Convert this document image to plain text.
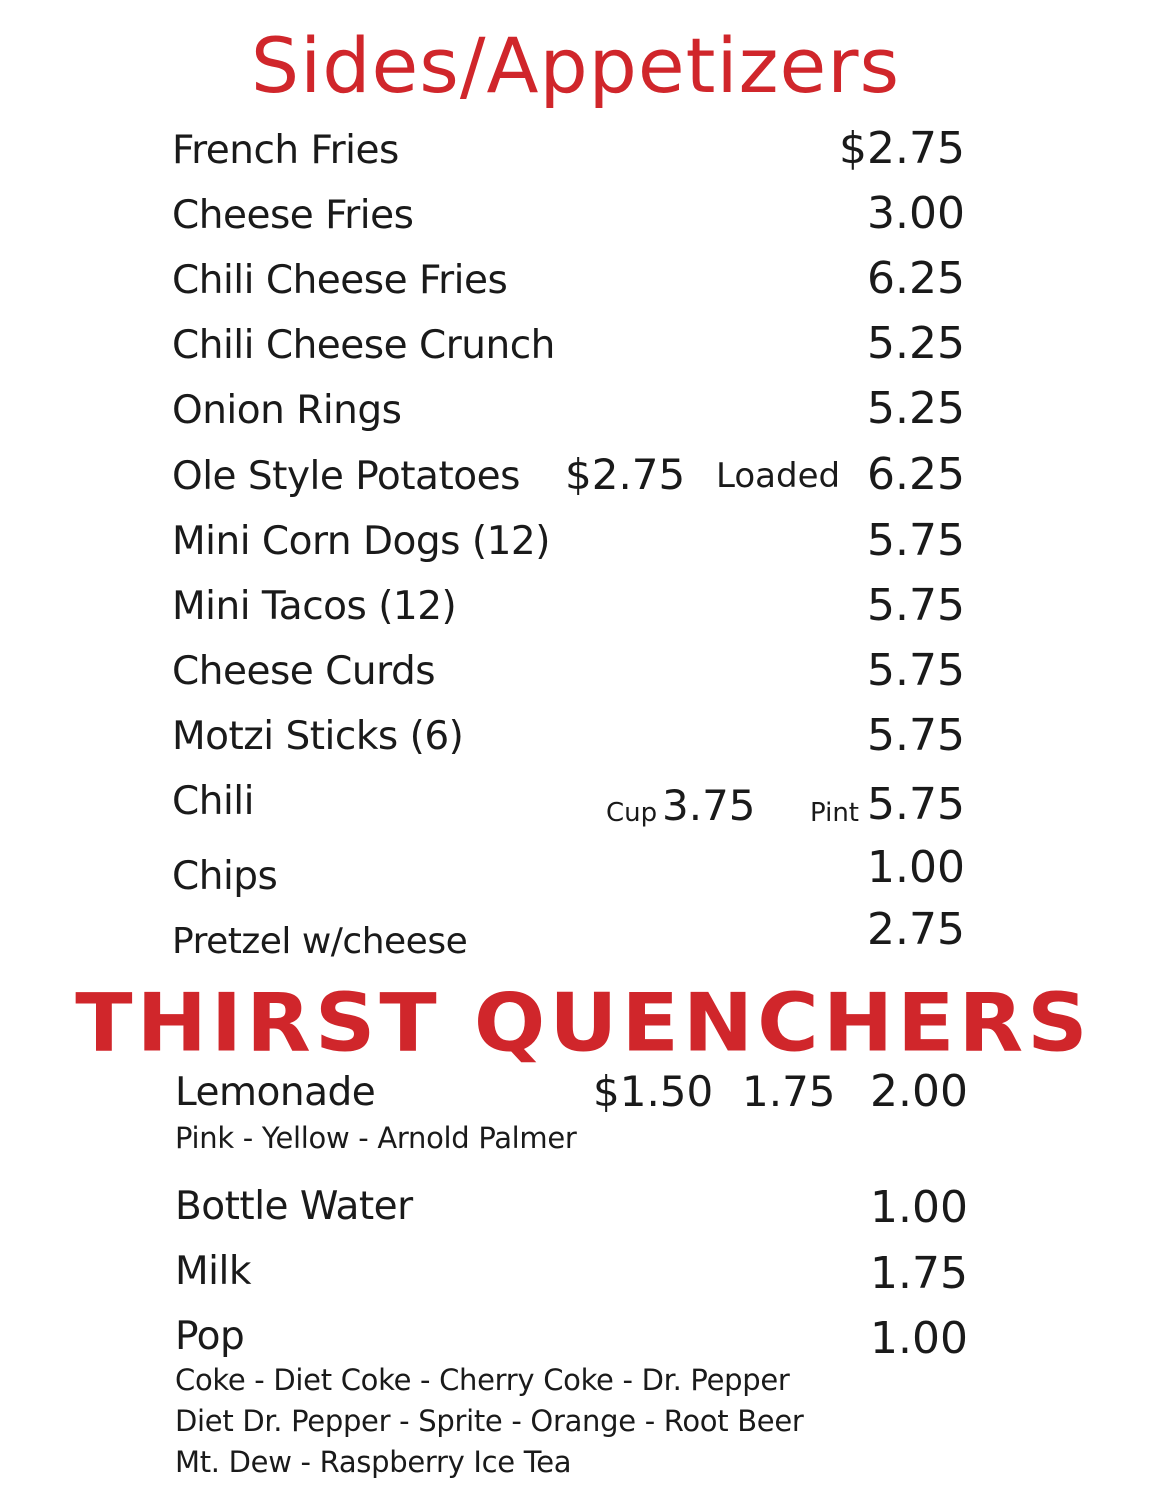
Sides/Appetizers
French Fries	$2.75
Cheese Fries	3.00
Chili Cheese Fries	6.25
Chili Cheese Crunch	5.25
Onion Rings	5.25
Ole Style Potatoes $2.75 Loaded 6.25
Mini Corn Dogs (12)	5.75
Mini Tacos (12)	5.75
Cheese Curds	5.75
Motzi Sticks (6)	5.75
Chili	Cup 3.75 Pint 5.75
Chips	1.00
Pretzel w/cheese	2.75
THIRST QUENCHERS
Lemonade	$1.50 1.75 2.00
Pink - Yellow - Arnold Palmer
Bottle Water	1.00
Milk	1.75
Pop	1.00
Coke - Diet Coke - Cherry Coke - Dr. Pepper
Diet Dr. Pepper - Sprite - Orange - Root Beer
Mt. Dew - Raspberry Ice Tea
